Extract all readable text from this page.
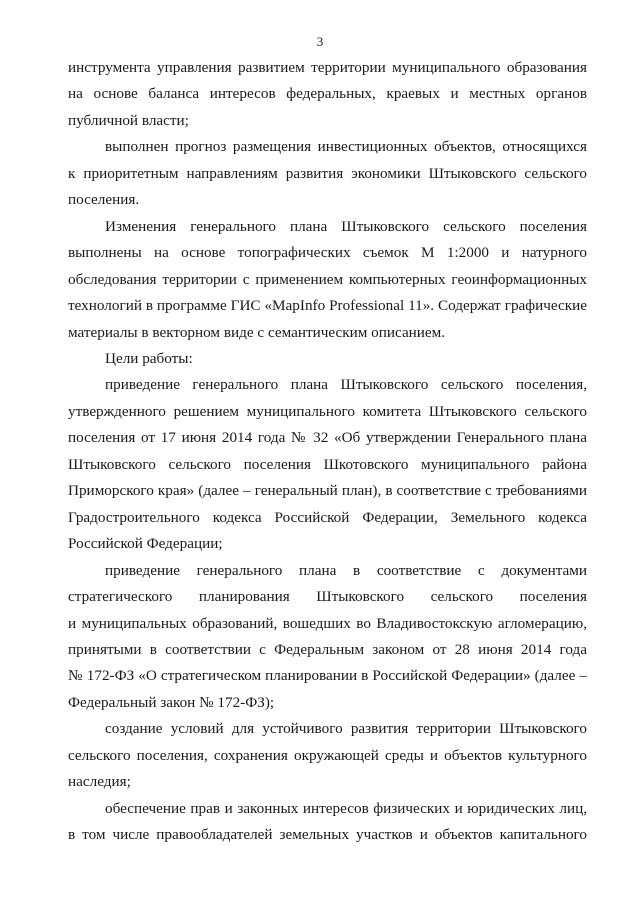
3
инструмента управления развитием территории муниципального образования
на основе баланса интересов федеральных, краевых и местных органов
публичной власти;
выполнен прогноз размещения инвестиционных объектов, относящихся
к приоритетным направлениям развития экономики Штыковского сельского
поселения.
Изменения генерального плана Штыковского сельского поселения
выполнены на основе топографических съемок М 1:2000 и натурного
обследования территории с применением компьютерных геоинформационных
технологий в программе ГИС «MapInfo Professional 11». Содержат графические
материалы в векторном виде с семантическим описанием.
Цели работы:
приведение генерального плана Штыковского сельского поселения,
утвержденного решением муниципального комитета Штыковского сельского
поселения от 17 июня 2014 года № 32 «Об утверждении Генерального плана
Штыковского сельского поселения Шкотовского муниципального района
Приморского края» (далее – генеральный план), в соответствие с требованиями
Градостроительного кодекса Российской Федерации, Земельного кодекса
Российской Федерации;
приведение генерального плана в соответствие с документами
стратегического планирования Штыковского сельского поселения
и муниципальных образований, вошедших во Владивостокскую агломерацию,
принятыми в соответствии с Федеральным законом от 28 июня 2014 года
№ 172-ФЗ «О стратегическом планировании в Российской Федерации» (далее –
Федеральный закон № 172-ФЗ);
создание условий для устойчивого развития территории Штыковского
сельского поселения, сохранения окружающей среды и объектов культурного
наследия;
обеспечение прав и законных интересов физических и юридических лиц,
в том числе правообладателей земельных участков и объектов капитального
